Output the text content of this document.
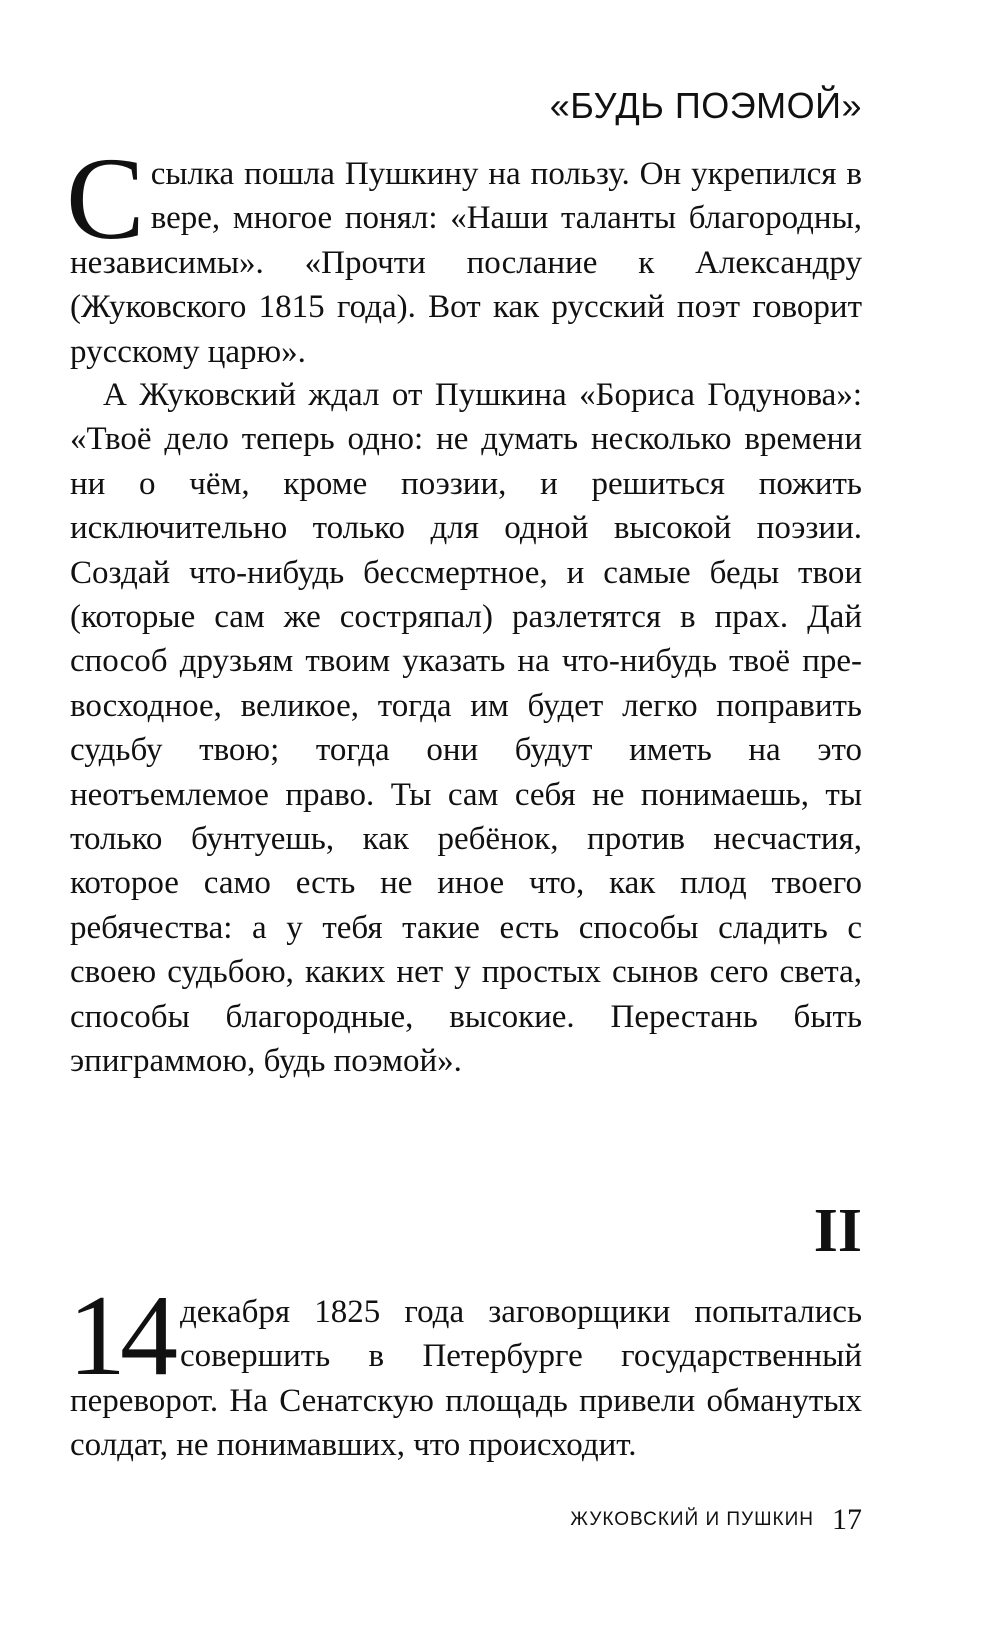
«БУДЬ ПОЭМОЙ»

Ссылка пошла Пушкину на пользу. Он укрепился в вере, многое понял: «Наши таланты благородны, независимы». «Прочти послание к Александру (Жуковского 1815 года). Вот как русский поэт говорит русскому царю».

А Жуковский ждал от Пушкина «Бориса Годунова»: «Твоё дело теперь одно: не думать несколько времени ни о чём, кроме поэзии, и решиться пожить исключительно только для одной высокой поэзии. Создай что-нибудь бессмертное, и самые беды твои (которые сам же состряпал) разлетятся в прах. Дай способ друзьям твоим указать на что-нибудь твоё превосходное, великое, тогда им будет легко поправить судьбу твою; тогда они будут иметь на это неотъемлемое право. Ты сам себя не понимаешь, ты только бунтуешь, как ребёнок, против несчастия, которое само есть не иное что, как плод твоего ребячества: а у тебя такие есть способы сладить с своею судьбою, каких нет у простых сынов сего света, способы благородные, высокие. Перестань быть эпиграммою, будь поэмой».

II

14 декабря 1825 года заговорщики попытались совершить в Петербурге государственный переворот. На Сенатскую площадь привели обманутых солдат, не понимавших, что происходит.

ЖУКОВСКИЙ И ПУШКИН 17
